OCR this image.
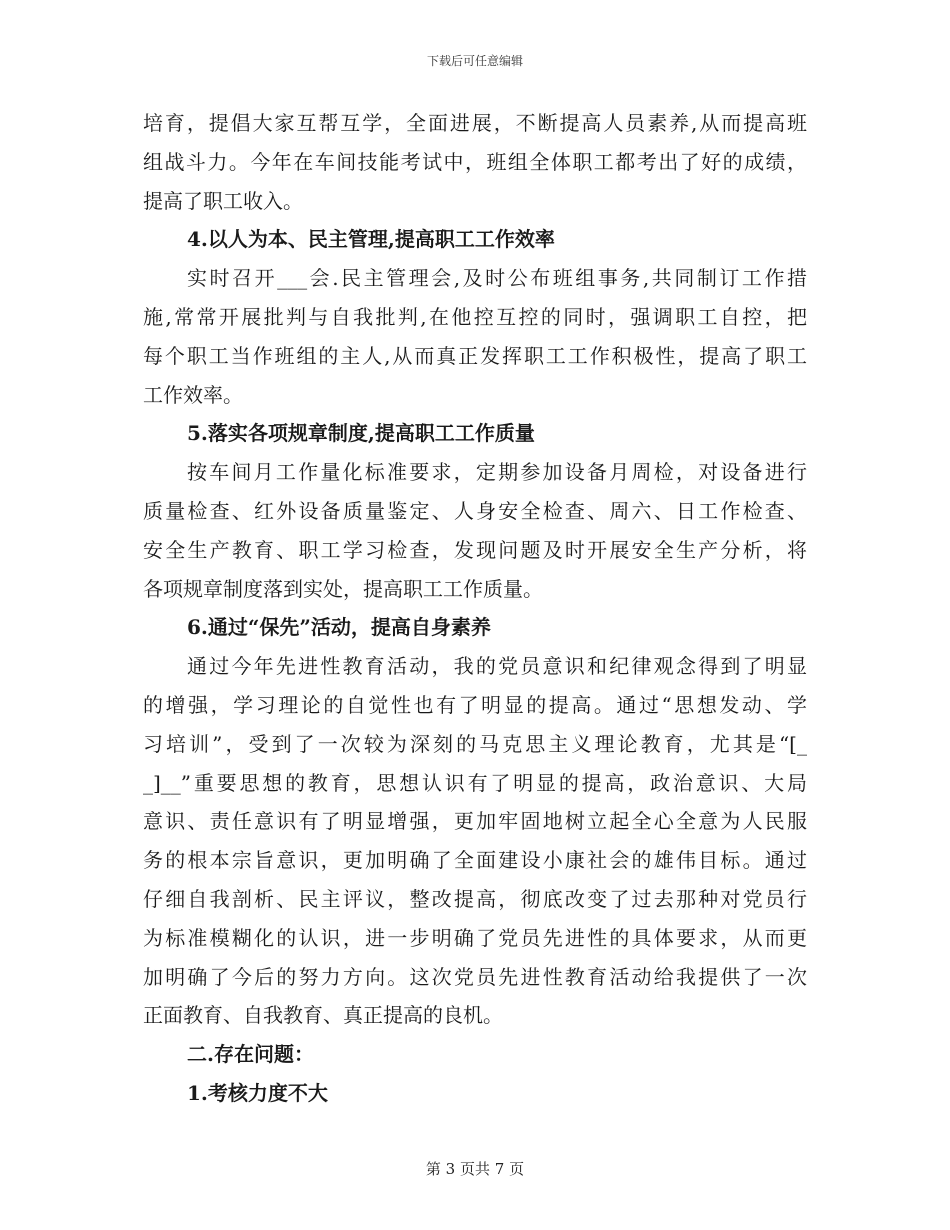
下载后可任意编辑
培育，提倡大家互帮互学，全面进展，不断提高人员素养,从而提高班
组战斗力。今年在车间技能考试中，班组全体职工都考出了好的成绩，
提高了职工收入。
4.以人为本、民主管理,提高职工工作效率
实时召开___会.民主管理会,及时公布班组事务,共同制订工作措
施,常常开展批判与自我批判,在他控互控的同时，强调职工自控，把
每个职工当作班组的主人,从而真正发挥职工工作积极性，提高了职工
工作效率。
5.落实各项规章制度,提高职工工作质量
按车间月工作量化标准要求，定期参加设备月周检，对设备进行
质量检查、红外设备质量鉴定、人身安全检查、周六、日工作检查、
安全生产教育、职工学习检查，发现问题及时开展安全生产分析，将
各项规章制度落到实处，提高职工工作质量。
6.通过“保先”活动，提高自身素养
通过今年先进性教育活动，我的党员意识和纪律观念得到了明显
的增强，学习理论的自觉性也有了明显的提高。通过“思想发动、学
习培训”，受到了一次较为深刻的马克思主义理论教育，尤其是“[_
_]__”重要思想的教育，思想认识有了明显的提高，政治意识、大局
意识、责任意识有了明显增强，更加牢固地树立起全心全意为人民服
务的根本宗旨意识，更加明确了全面建设小康社会的雄伟目标。通过
仔细自我剖析、民主评议，整改提高，彻底改变了过去那种对党员行
为标准模糊化的认识，进一步明确了党员先进性的具体要求，从而更
加明确了今后的努力方向。这次党员先进性教育活动给我提供了一次
正面教育、自我教育、真正提高的良机。
二.存在问题：
1.考核力度不大
第 3 页共 7 页
